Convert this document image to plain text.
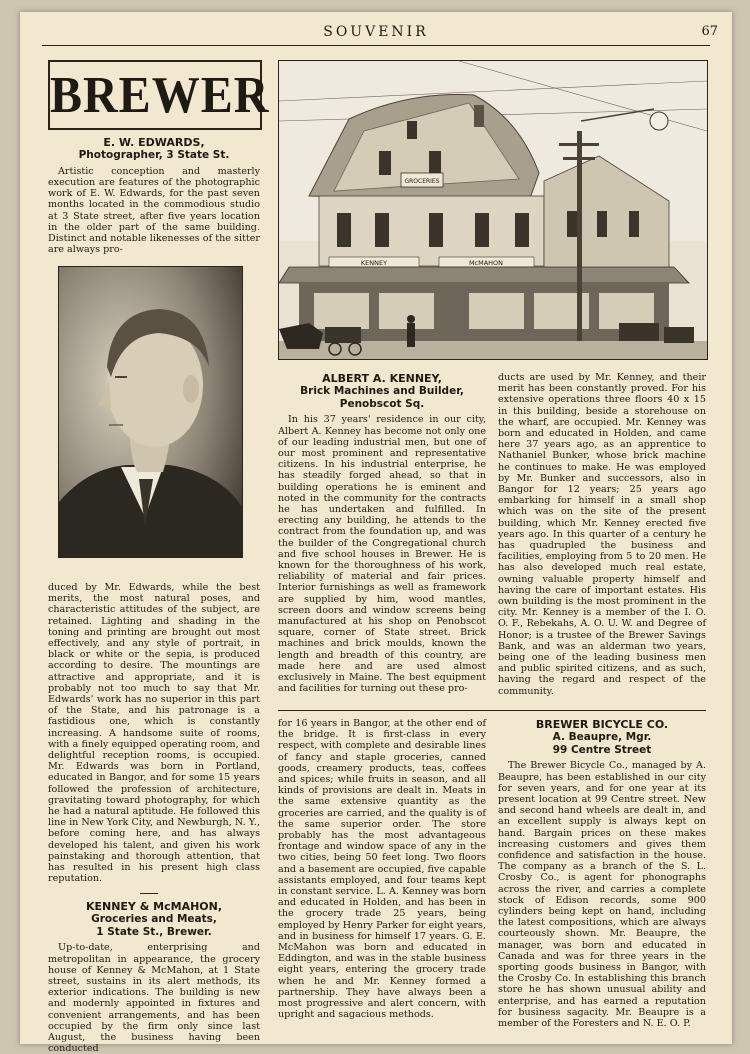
SOUVENIR	67
BREWER
E. W. EDWARDS,
Photographer, 3 State St.

Artistic conception and masterly execution are features of the photographic work of E. W. Edwards, for the past seven months located in the commodious studio at 3 State street, after five years location in the older part of the same building. Distinct and notable likenesses of the sitter are always pro-

duced by Mr. Edwards, while the best merits, the most natural poses, and characteristic attitudes of the subject, are retained. Lighting and shading in the toning and printing are brought out most effectively, and any style of portrait, in black or white or the sepia, is produced according to desire. The mountings are attractive and appropriate, and it is probably not too much to say that Mr. Edwards' work has no superior in this part of the State, and his patronage is a fastidious one, which is constantly increasing. A handsome suite of rooms, with a finely equipped operating room, and delightful reception rooms, is occupied. Mr. Edwards was born in Portland, educated in Bangor, and for some 15 years followed the profession of architecture, gravitating toward photography, for which he had a natural aptitude. He followed this line in New York City, and Newburgh, N. Y., before coming here, and has always developed his talent, and given his work painstaking and thorough attention, that has resulted in his present high class reputation.

KENNEY & McMAHON,
Groceries and Meats,
1 State St., Brewer.

Up-to-date, enterprising and metropolitan in appearance, the grocery house of Kenney & McMahon, at 1 State street, sustains in its alert methods, its exterior indications. The building is new and modernly appointed in fixtures and convenient arrangements, and has been occupied by the firm only since last August, the business having been conducted

GROCERIES
KENNEY	McMAHON
ALBERT A. KENNEY,
Brick Machines and Builder,
Penobscot Sq.

In his 37 years' residence in our city, Albert A. Kenney has become not only one of our leading industrial men, but one of our most prominent and representative citizens. In his industrial enterprise, he has steadily forged ahead, so that in building operations he is eminent and noted in the community for the contracts he has undertaken and fulfilled. In erecting any building, he attends to the contract from the foundation up, and was the builder of the Congregational church and five school houses in Brewer. He is known for the thoroughness of his work, reliability of material and fair prices. Interior furnishings as well as framework are supplied by him, wood mantles, screen doors and window screens being manufactured at his shop on Penobscot square, corner of State street. Brick machines and brick moulds, known the length and breadth of this country, are made here and are used almost exclusively in Maine. The best equipment and facilities for turning out these pro-

ducts are used by Mr. Kenney, and their merit has been constantly proved. For his extensive operations three floors 40 x 15 in this building, beside a storehouse on the wharf, are occupied. Mr. Kenney was born and educated in Holden, and came here 37 years ago, as an apprentice to Nathaniel Bunker, whose brick machine he continues to make. He was employed by Mr. Bunker and successors, also in Bangor for 12 years; 25 years ago embarking for himself in a small shop which was on the site of the present building, which Mr. Kenney erected five years ago. In this quarter of a century he has quadrupled the business and facilities, employing from 5 to 20 men. He has also developed much real estate, owning valuable property himself and having the care of important estates. His own building is the most prominent in the city. Mr. Kenney is a member of the I. O. O. F., Rebekahs, A. O. U. W. and Degree of Honor; is a trustee of the Brewer Savings Bank, and was an alderman two years, being one of the leading business men and public spirited citizens, and as such, having the regard and respect of the community.

for 16 years in Bangor, at the other end of the bridge. It is first-class in every respect, with complete and desirable lines of fancy and staple groceries, canned goods, creamery products, teas, coffees and spices; while fruits in season, and all kinds of provisions are dealt in. Meats in the same extensive quantity as the groceries are carried, and the quality is of the same superior order. The store probably has the most advantageous frontage and window space of any in the two cities, being 50 feet long. Two floors and a basement are occupied, five capable assistants employed, and four teams kept in constant service. L. A. Kenney was born and educated in Holden, and has been in the grocery trade 25 years, being employed by Henry Parker for eight years, and in business for himself 17 years. G. E. McMahon was born and educated in Eddington, and was in the stable business eight years, entering the grocery trade when he and Mr. Kenney formed a partnership. They have always been a most progressive and alert concern, with upright and sagacious methods.

BREWER BICYCLE CO.
A. Beaupre, Mgr.
99 Centre Street

The Brewer Bicycle Co., managed by A. Beaupre, has been established in our city for seven years, and for one year at its present location at 99 Centre street. New and second hand wheels are dealt in, and an excellent supply is always kept on hand. Bargain prices on these makes increasing customers and gives them confidence and satisfaction in the house. The company as a branch of the S. L. Crosby Co., is agent for phonographs across the river, and carries a complete stock of Edison records, some 900 cylinders being kept on hand, including the latest compositions, which are always courteously shown. Mr. Beaupre, the manager, was born and educated in Canada and was for three years in the sporting goods business in Bangor, with the Crosby Co. In establishing this branch store he has shown unusual ability and enterprise, and has earned a reputation for business sagacity. Mr. Beaupre is a member of the Foresters and N. E. O. P.
